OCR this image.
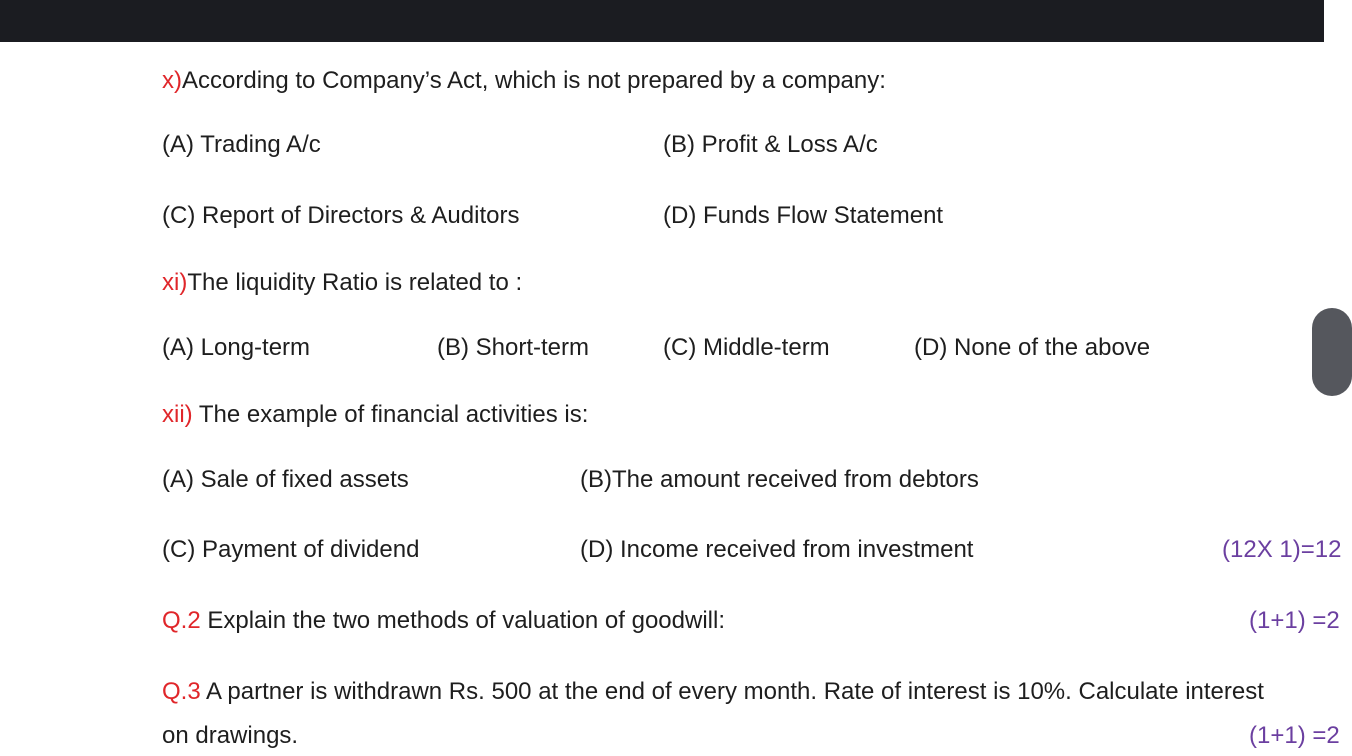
x)According to Company’s Act, which is not prepared by a company:
(A) Trading A/c	(B) Profit & Loss A/c
(C) Report of Directors & Auditors	(D) Funds Flow Statement
xi)The liquidity Ratio is related to :
(A) Long-term	(B) Short-term	(C) Middle-term	(D) None of the above
xii) The example of financial activities is:
(A) Sale of fixed assets	(B)The amount received from debtors
(C) Payment of dividend	(D) Income received from investment	(12X 1)=12
Q.2 Explain the two methods of valuation of goodwill:	(1+1) =2
Q.3 A partner is withdrawn Rs. 500 at the end of every month. Rate of interest is 10%. Calculate interest
on drawings.	(1+1) =2
